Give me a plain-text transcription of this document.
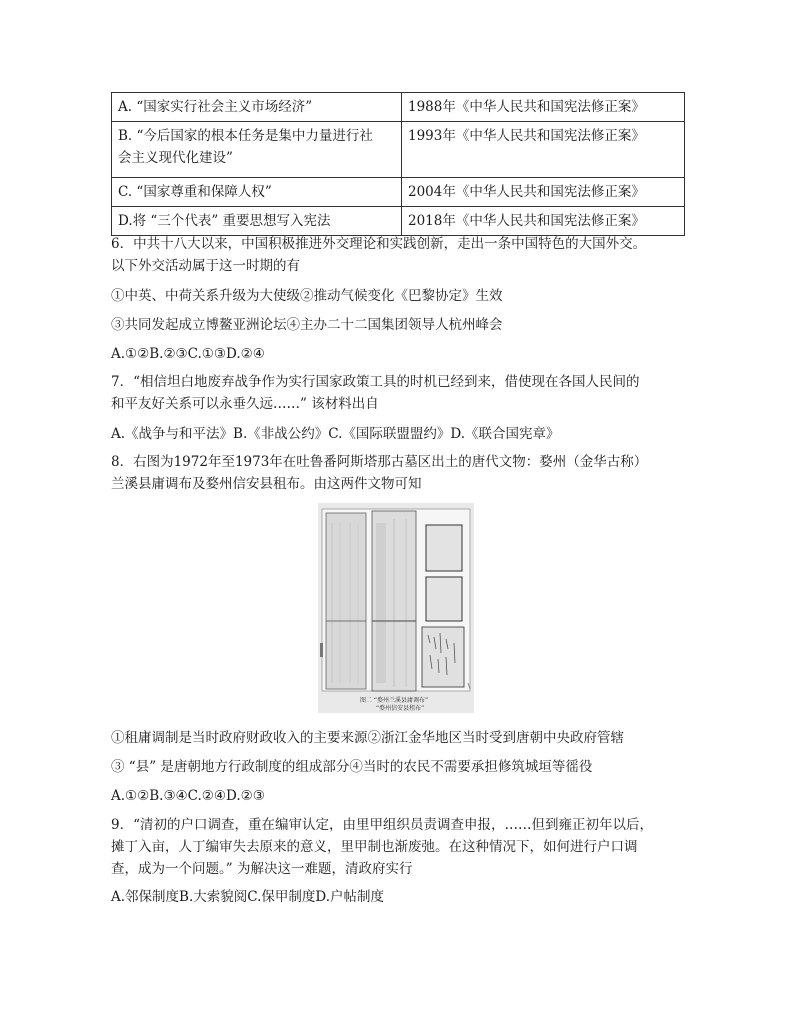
A. “国家实行社会主义市场经济”	1988年《中华人民共和国宪法修正案》

B. “今后国家的根本任务是集中力量进行社
会主义现代化建设”	1993年《中华人民共和国宪法修正案》
C. “国家尊重和保障人权”	2004年《中华人民共和国宪法修正案》
D.将 “三个代表” 重要思想写入宪法	2018年《中华人民共和国宪法修正案》
6．中共十八大以来，中国积极推进外交理论和实践创新，走出一条中国特色的大国外交。
以下外交活动属于这一时期的有
①中英、中荷关系升级为大使级②推动气候变化《巴黎协定》生效
③共同发起成立博鳌亚洲论坛④主办二十二国集团领导人杭州峰会
A.①②B.②③C.①③D.②④
7．“相信坦白地废弃战争作为实行国家政策工具的时机已经到来，借使现在各国人民间的
和平友好关系可以永垂久远……” 该材料出自
A.《战争与和平法》B.《非战公约》C.《国际联盟盟约》D.《联合国宪章》
8．右图为1972年至1973年在吐鲁番阿斯塔那古墓区出土的唐代文物：婺州（金华古称）
兰溪县庸调布及婺州信安县租布。由这两件文物可知
图二 “婺州兰溪县庸调布”
“婺州信安县租布”
①租庸调制是当时政府财政收入的主要来源②浙江金华地区当时受到唐朝中央政府管辖
③ “县” 是唐朝地方行政制度的组成部分④当时的农民不需要承担修筑城垣等徭役
A.①②B.③④C.②④D.②③
9．“清初的户口调查，重在编审认定，由里甲组织员责调查申报，……但到雍正初年以后，
摊丁入亩，人丁编审失去原来的意义，里甲制也渐废弛。在这种情况下，如何进行户口调
查，成为一个问题。” 为解决这一难题，清政府实行
A.邻保制度B.大索貌阅C.保甲制度D.户帖制度
